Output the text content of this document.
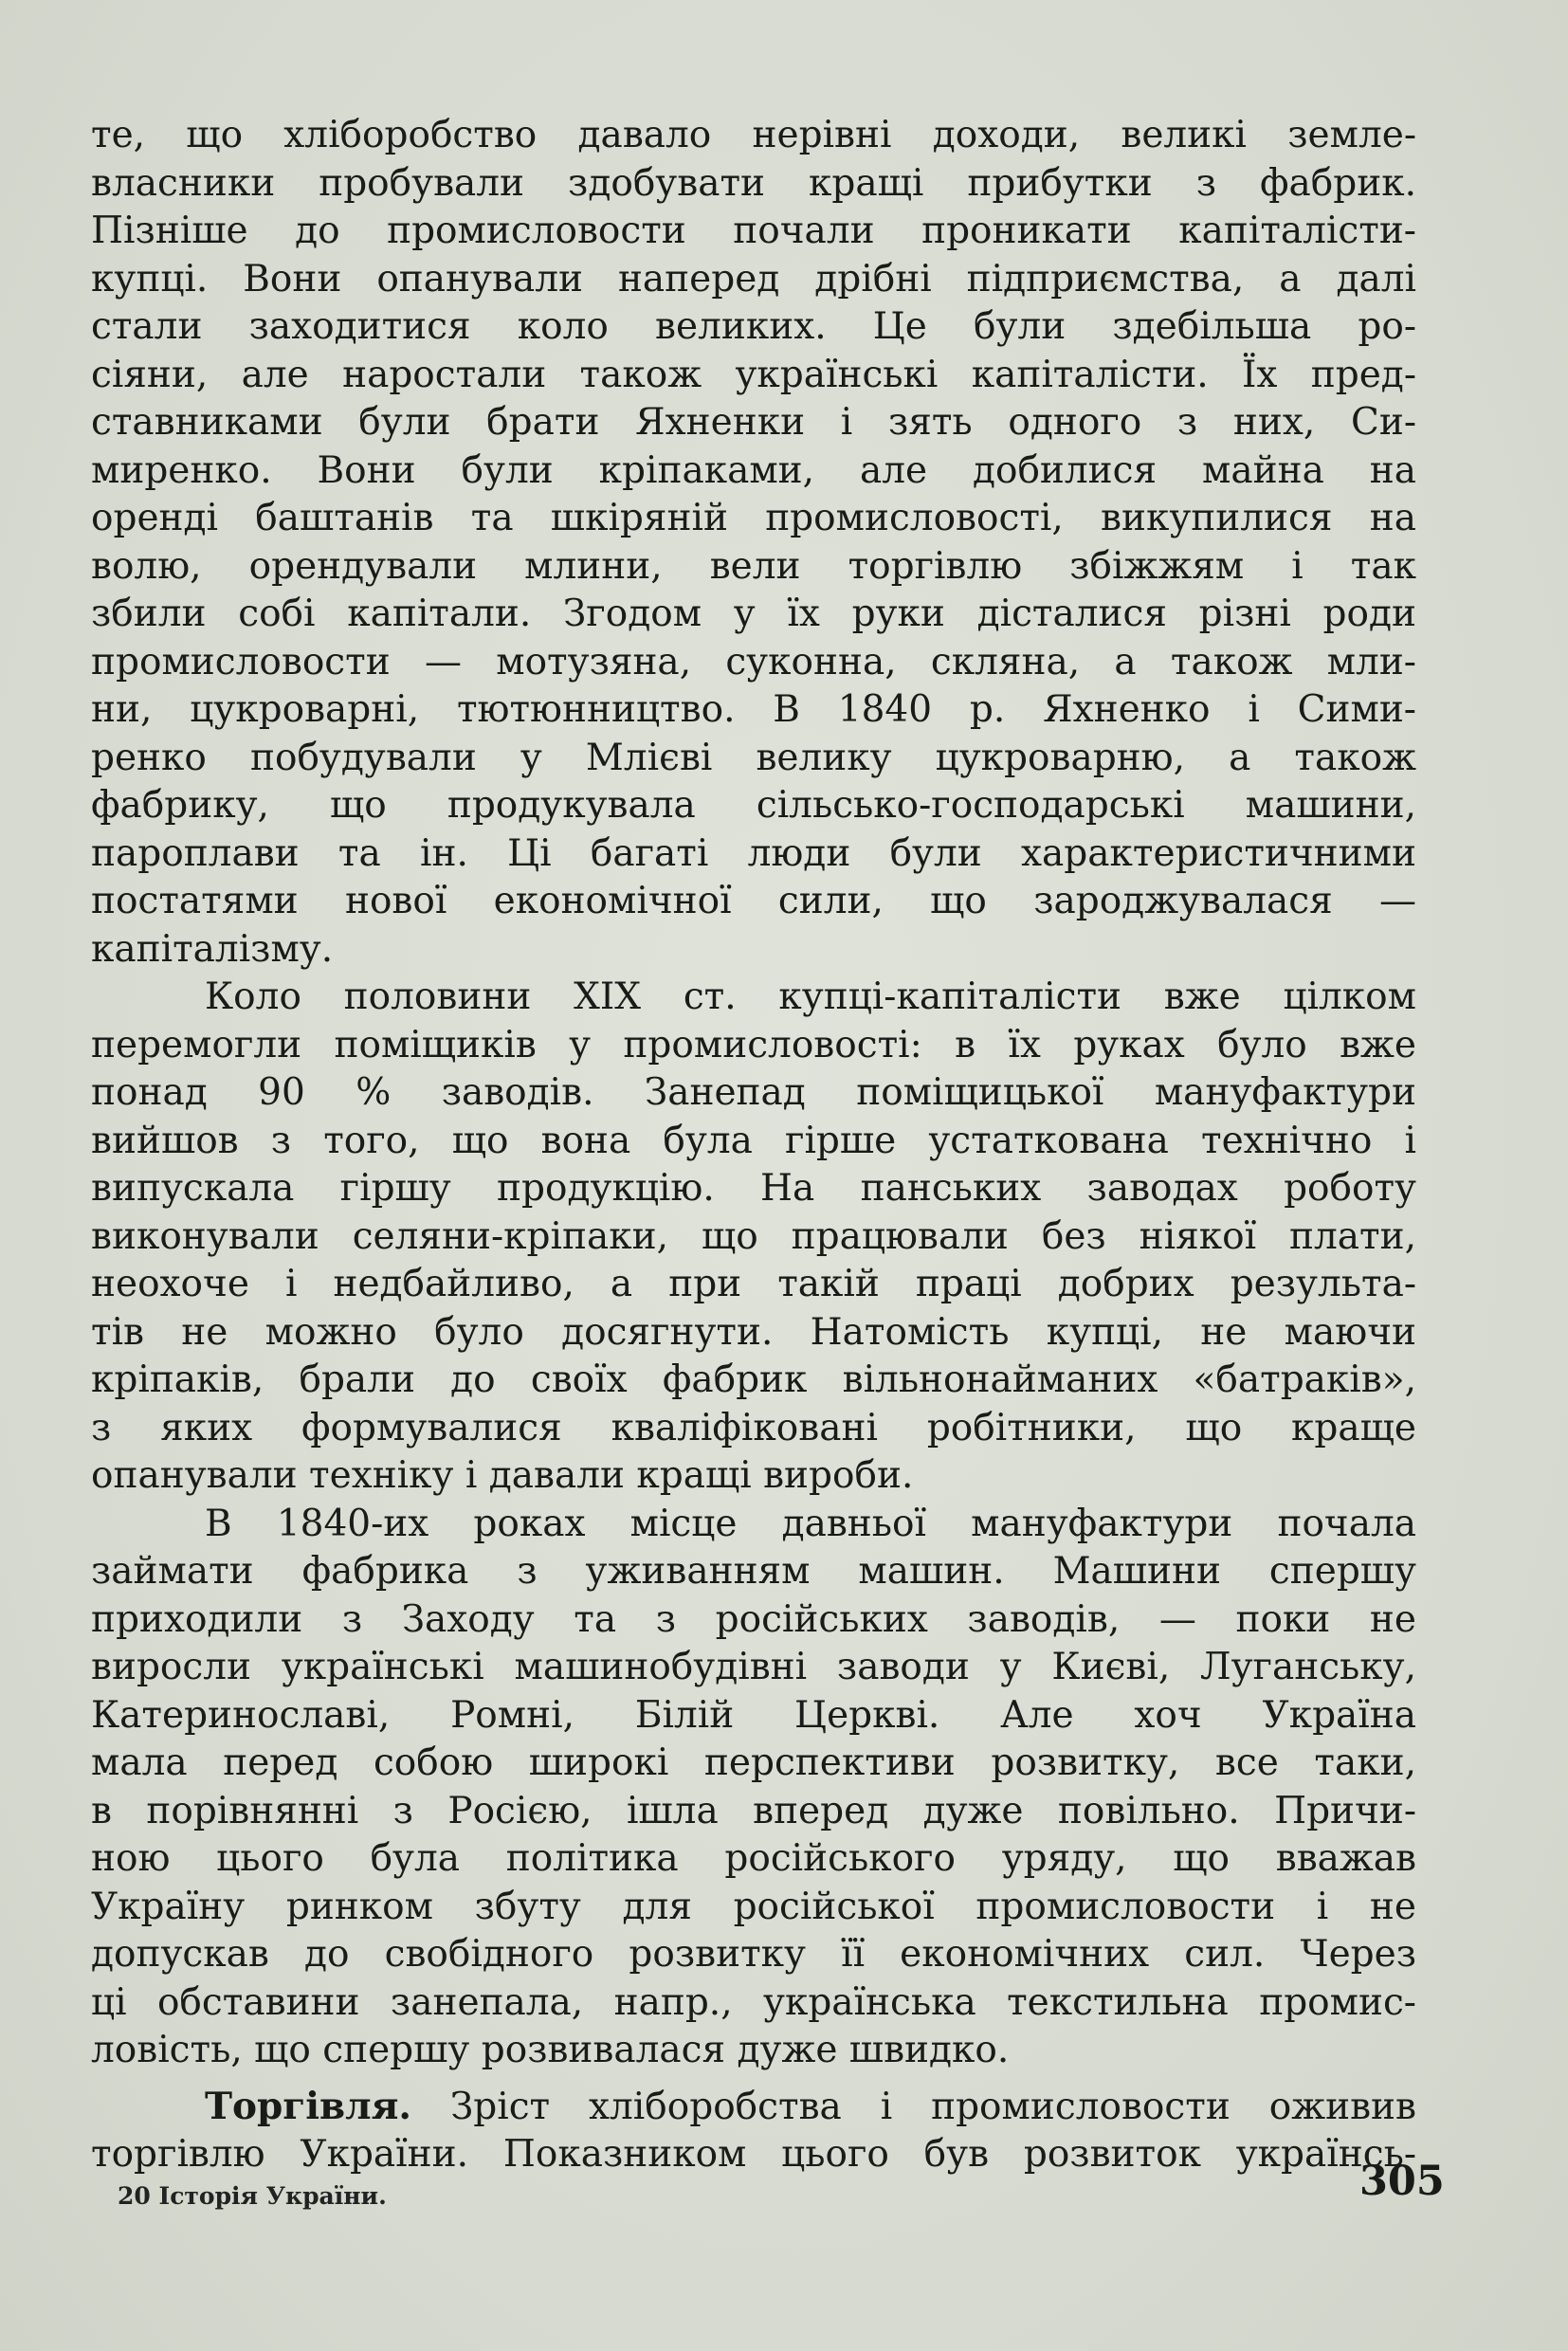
те, що хліборобство давало нерівні доходи, великі земле-
власники пробували здобувати кращі прибутки з фабрик.
Пізніше до промисловости почали проникати капіталісти-
купці. Вони опанували наперед дрібні підприємства, а далі
стали заходитися коло великих. Це були здебільша ро-
сіяни, але наростали також українські капіталісти. Їх пред-
ставниками були брати Яхненки і зять одного з них, Си-
миренко. Вони були кріпаками, але добилися майна на
оренді баштанів та шкіряній промисловості, викупилися на
волю, орендували млини, вели торгівлю збіжжям і так
збили собі капітали. Згодом у їх руки дісталися різні роди
промисловости — мотузяна, суконна, скляна, а також мли-
ни, цукроварні, тютюнництво. В 1840 р. Яхненко і Сими-
ренко побудували у Млієві велику цукроварню, а також
фабрику, що продукувала сільсько-господарські машини,
пароплави та ін. Ці багаті люди були характеристичними
постатями нової економічної сили, що зароджувалася —
капіталізму.
Коло половини XIX ст. купці-капіталісти вже цілком
перемогли поміщиків у промисловості: в їх руках було вже
понад 90 % заводів. Занепад поміщицької мануфактури
вийшов з того, що вона була гірше устаткована технічно і
випускала гіршу продукцію. На панських заводах роботу
виконували селяни-кріпаки, що працювали без ніякої плати,
неохоче і недбайливо, а при такій праці добрих результа-
тів не можно було досягнути. Натомість купці, не маючи
кріпаків, брали до своїх фабрик вільнонайманих «батраків»,
з яких формувалися кваліфіковані робітники, що краще
опанували техніку і давали кращі вироби.
В 1840-их роках місце давньої мануфактури почала
займати фабрика з уживанням машин. Машини спершу
приходили з Заходу та з російських заводів, — поки не
виросли українські машинобудівні заводи у Києві, Луганську,
Катеринославі, Ромні, Білій Церкві. Але хоч Україна
мала перед собою широкі перспективи розвитку, все таки,
в порівнянні з Росією, ішла вперед дуже повільно. Причи-
ною цього була політика російського уряду, що вважав
Україну ринком збуту для російської промисловости і не
допускав до свобідного розвитку її економічних сил. Через
ці обставини занепала, напр., українська текстильна промис-
ловість, що спершу розвивалася дуже швидко.
Торгівля. Зріст хліборобства і промисловости оживив
торгівлю України. Показником цього був розвиток українсь-
20 Історія України.	305
